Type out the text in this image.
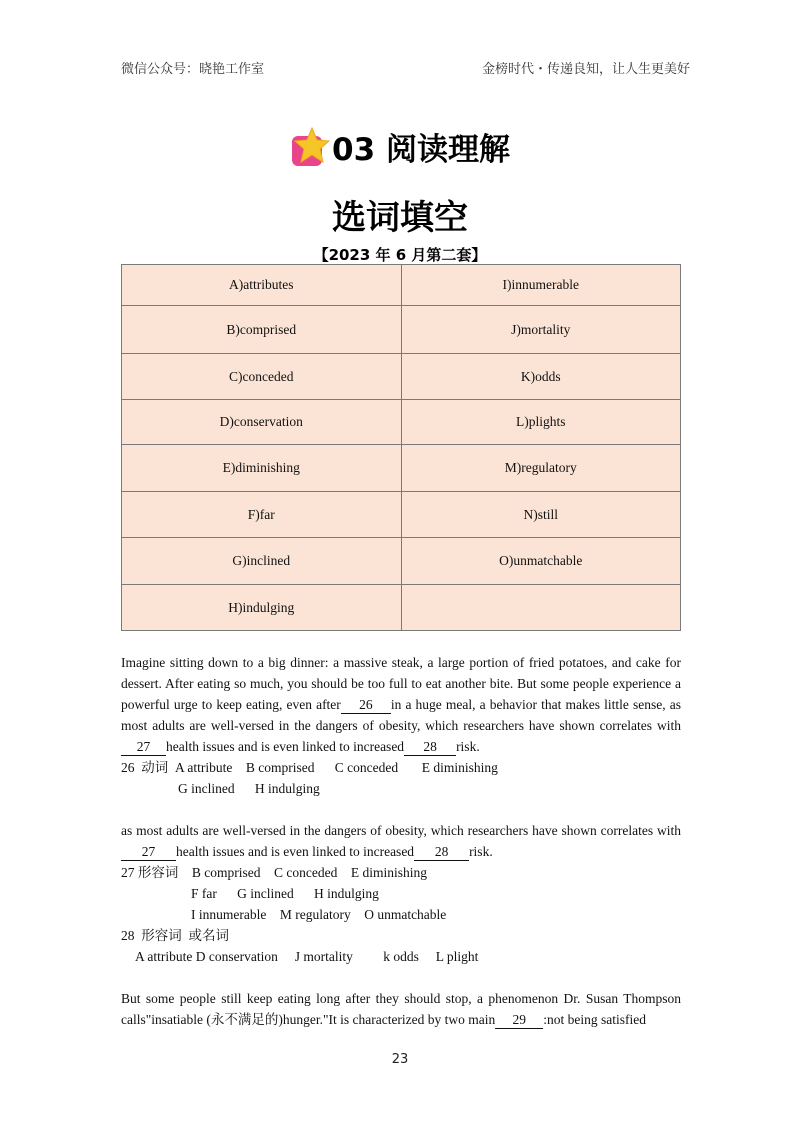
微信公众号：晓艳工作室	金榜时代・传递良知，让人生更美好
03 阅读理解
选词填空
【2023 年 6 月第二套】
A)attributes	I)innumerable
B)comprised	J)mortality
C)conceded	K)odds
D)conservation	L)plights
E)diminishing	M)regulatory
F)far	N)still
G)inclined	O)unmatchable
H)indulging	

Imagine sitting down to a big dinner: a massive steak, a large portion of fried potatoes, and cake for dessert. After eating so much, you should be too full to eat another bite. But some people experience a powerful urge to keep eating, even after 26 in a huge meal, a behavior that makes little sense, as most adults are well-versed in the dangers of obesity, which researchers have shown correlates with27 health issues and is even linked to increased 28 risk.

26  动词  A attribute    B comprised      C conceded       E diminishing

G inclined      H indulging

as most adults are well-versed in the dangers of obesity, which researchers have shown correlates with27 health issues and is even linked to increased 28 risk.

27 形容词    B comprised    C conceded    E diminishing

F far      G inclined      H indulging

I innumerable    M regulatory    O unmatchable

28  形容词  或名词

A attribute D conservation     J mortality         k odds     L plight

But some people still keep eating long after they should stop, a phenomenon Dr. Susan Thompson calls"insatiable (永不满足的)hunger."It is characterized by two main 29 :not being satisfied

23
